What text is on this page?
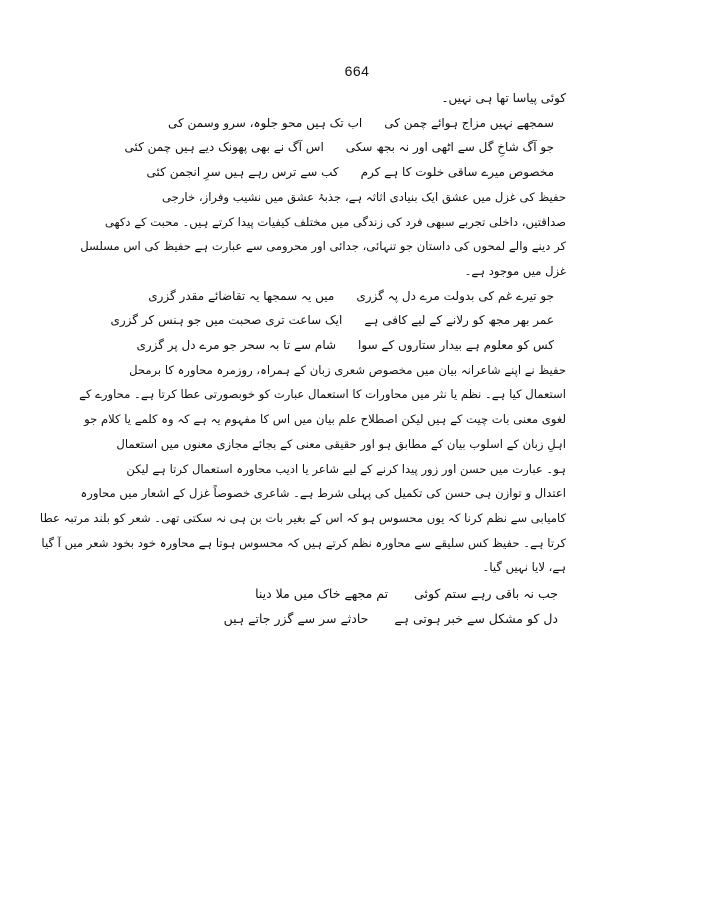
664

کوئی پیاسا تھا ہی نہیں۔

سمجھے نہیں مزاج ہوائے چمن کی
اب تک ہیں محو جلوہ، سرو وسمن کی

جو آگ شاخِ گل سے اٹھی اور نہ بجھ سکی
اس آگ نے بھی پھونک دیے ہیں چمن کئی

مخصوص میرے ساقی خلوت کا ہے کرم
کب سے ترس رہے ہیں سرِ انجمن کئی

حفیظ کی غزل میں عشق ایک بنیادی اثاثہ ہے، جذبۂ عشق میں نشیب وفراز، خارجی

صداقتیں، داخلی تجربے سبھی فرد کی زندگی میں مختلف کیفیات پیدا کرتے ہیں۔ محبت کے دکھی

کر دینے والے لمحوں کی داستان جو تنہائی، جدائی اور محرومی سے عبارت ہے حفیظ کی اس مسلسل

غزل میں موجود ہے۔

جو تیرے غم کی بدولت مرے دل پہ گزری
میں یہ سمجھا یہ تقاضائے مقدر گزری

عمر بھر مجھ کو رلانے کے لیے کافی ہے
ایک ساعت تری صحبت میں جو ہنس کر گزری

کس کو معلوم ہے بیدار ستاروں کے سوا
شام سے تا بہ سحر جو مرے دل پر گزری

حفیظ نے اپنے شاعرانہ بیان میں مخصوص شعری زبان کے ہمراہ، روزمرہ محاورہ کا برمحل

استعمال کیا ہے۔ نظم یا نثر میں محاورات کا استعمال عبارت کو خوبصورتی عطا کرتا ہے۔ محاورے کے

لغوی معنی بات چیت کے ہیں لیکن اصطلاح علم بیان میں اس کا مفہوم یہ ہے کہ وہ کلمے یا کلام جو

اہلِ زبان کے اسلوب بیان کے مطابق ہو اور حقیقی معنی کے بجائے مجازی معنوں میں استعمال

ہو۔ عبارت میں حسن اور زور پیدا کرنے کے لیے شاعر یا ادیب محاورہ استعمال کرتا ہے لیکن

اعتدال و توازن ہی حسن کی تکمیل کی پہلی شرط ہے۔ شاعری خصوصاً غزل کے اشعار میں محاورہ

کامیابی سے نظم کرنا کہ یوں محسوس ہو کہ اس کے بغیر بات بن ہی نہ سکتی تھی۔ شعر کو بلند مرتبہ عطا

کرتا ہے۔ حفیظ کس سلیقے سے محاورہ نظم کرتے ہیں کہ محسوس ہوتا ہے محاورہ خود بخود شعر میں آ گیا

ہے، لایا نہیں گیا۔

جب نہ باقی رہے ستم کوئی
تم مجھے خاک میں ملا دینا

دل کو مشکل سے خبر ہوتی ہے
حادثے سر سے گزر جاتے ہیں
